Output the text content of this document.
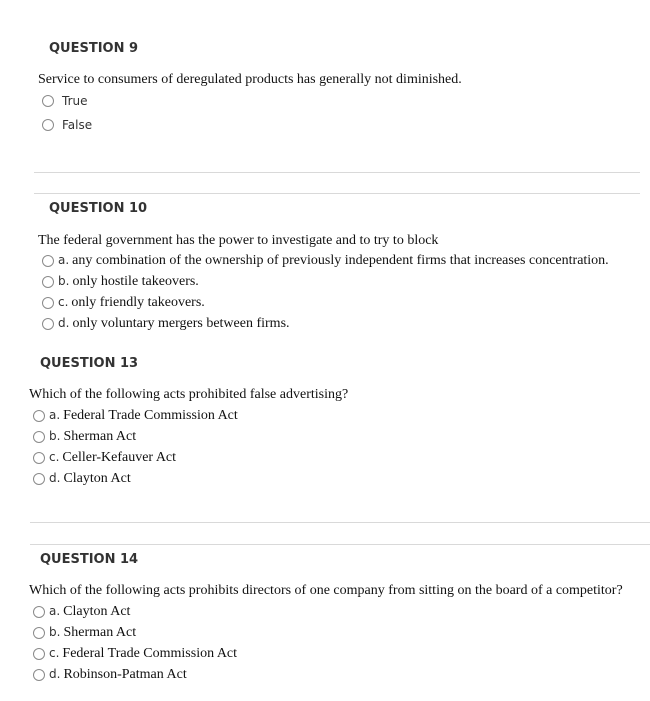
QUESTION 9
Service to consumers of deregulated products has generally not diminished.
True
False
QUESTION 10
The federal government has the power to investigate and to try to block
a. any combination of the ownership of previously independent firms that increases concentration.
b. only hostile takeovers.
c. only friendly takeovers.
d. only voluntary mergers between firms.
QUESTION 13
Which of the following acts prohibited false advertising?
a. Federal Trade Commission Act
b. Sherman Act
c. Celler-Kefauver Act
d. Clayton Act
QUESTION 14
Which of the following acts prohibits directors of one company from sitting on the board of a competitor?
a. Clayton Act
b. Sherman Act
c. Federal Trade Commission Act
d. Robinson-Patman Act
